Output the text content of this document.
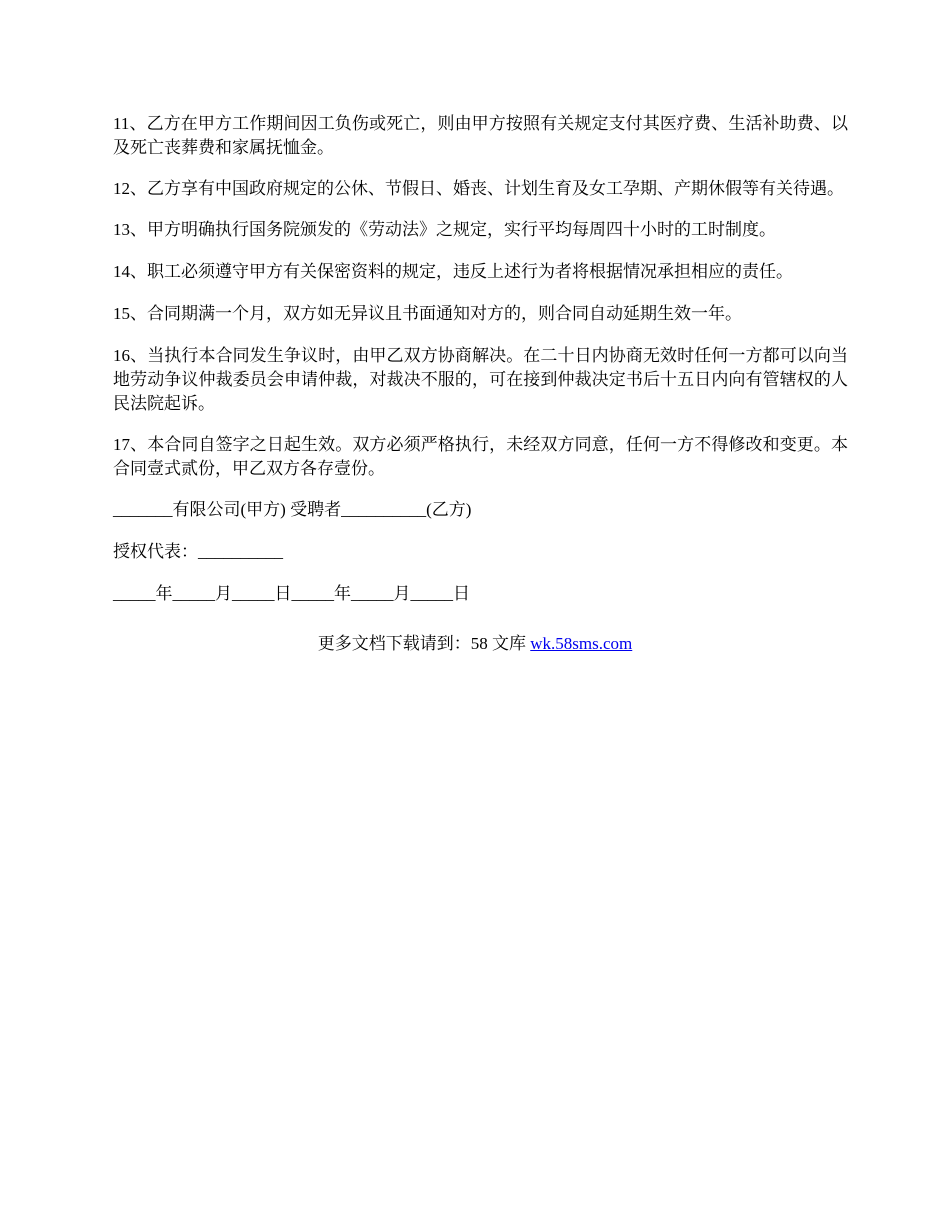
11、乙方在甲方工作期间因工负伤或死亡，则由甲方按照有关规定支付其医疗费、生活补助费、以及死亡丧葬费和家属抚恤金。

12、乙方享有中国政府规定的公休、节假日、婚丧、计划生育及女工孕期、产期休假等有关待遇。

13、甲方明确执行国务院颁发的《劳动法》之规定，实行平均每周四十小时的工时制度。

14、职工必须遵守甲方有关保密资料的规定，违反上述行为者将根据情况承担相应的责任。

15、合同期满一个月，双方如无异议且书面通知对方的，则合同自动延期生效一年。

16、当执行本合同发生争议时，由甲乙双方协商解决。在二十日内协商无效时任何一方都可以向当地劳动争议仲裁委员会申请仲裁，对裁决不服的，可在接到仲裁决定书后十五日内向有管辖权的人民法院起诉。

17、本合同自签字之日起生效。双方必须严格执行，未经双方同意，任何一方不得修改和变更。本合同壹式贰份，甲乙双方各存壹份。

_______有限公司(甲方) 受聘者__________(乙方)

授权代表：__________

_____年_____月_____日_____年_____月_____日

更多文档下载请到：58 文库 wk.58sms.com
